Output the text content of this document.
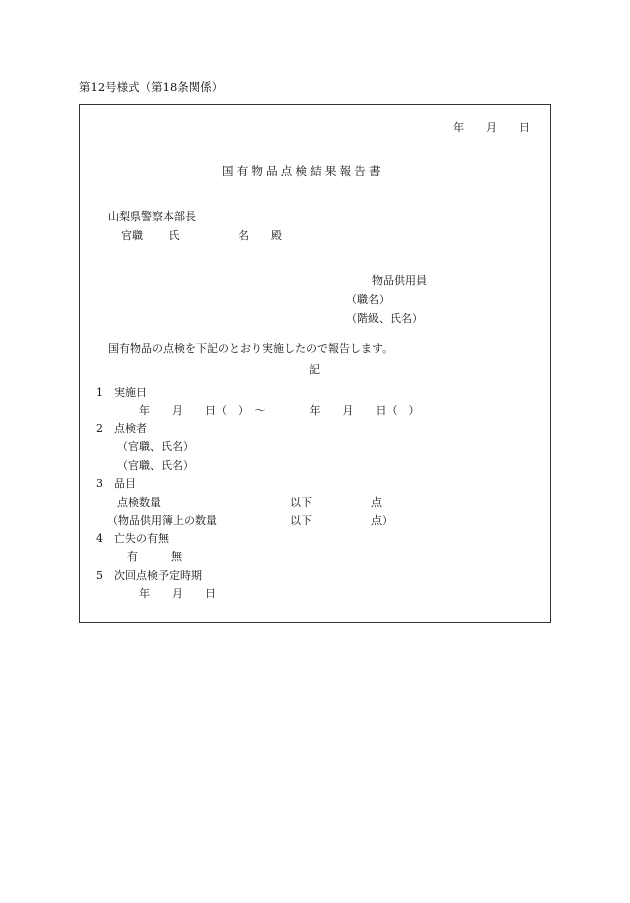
第12号様式（第18条関係）
年　　月　　日
国有物品点検結果報告書
山梨県警察本部長
官職　　 氏　　　　　 名　　殿
物品供用員
（職名）
（階級、氏名）
国有物品の点検を下記のとおり実施したので報告します。
記
1　実施日
年　　月　　日（　）　～　　　　年　　月　　日（　）
2　点検者
（官職、氏名）
（官職、氏名）
3　品目
点検数量	以下	点
（物品供用簿上の数量	以下	点）
4　亡失の有無
有　　　無
5　次回点検予定時期
年　　月　　日
